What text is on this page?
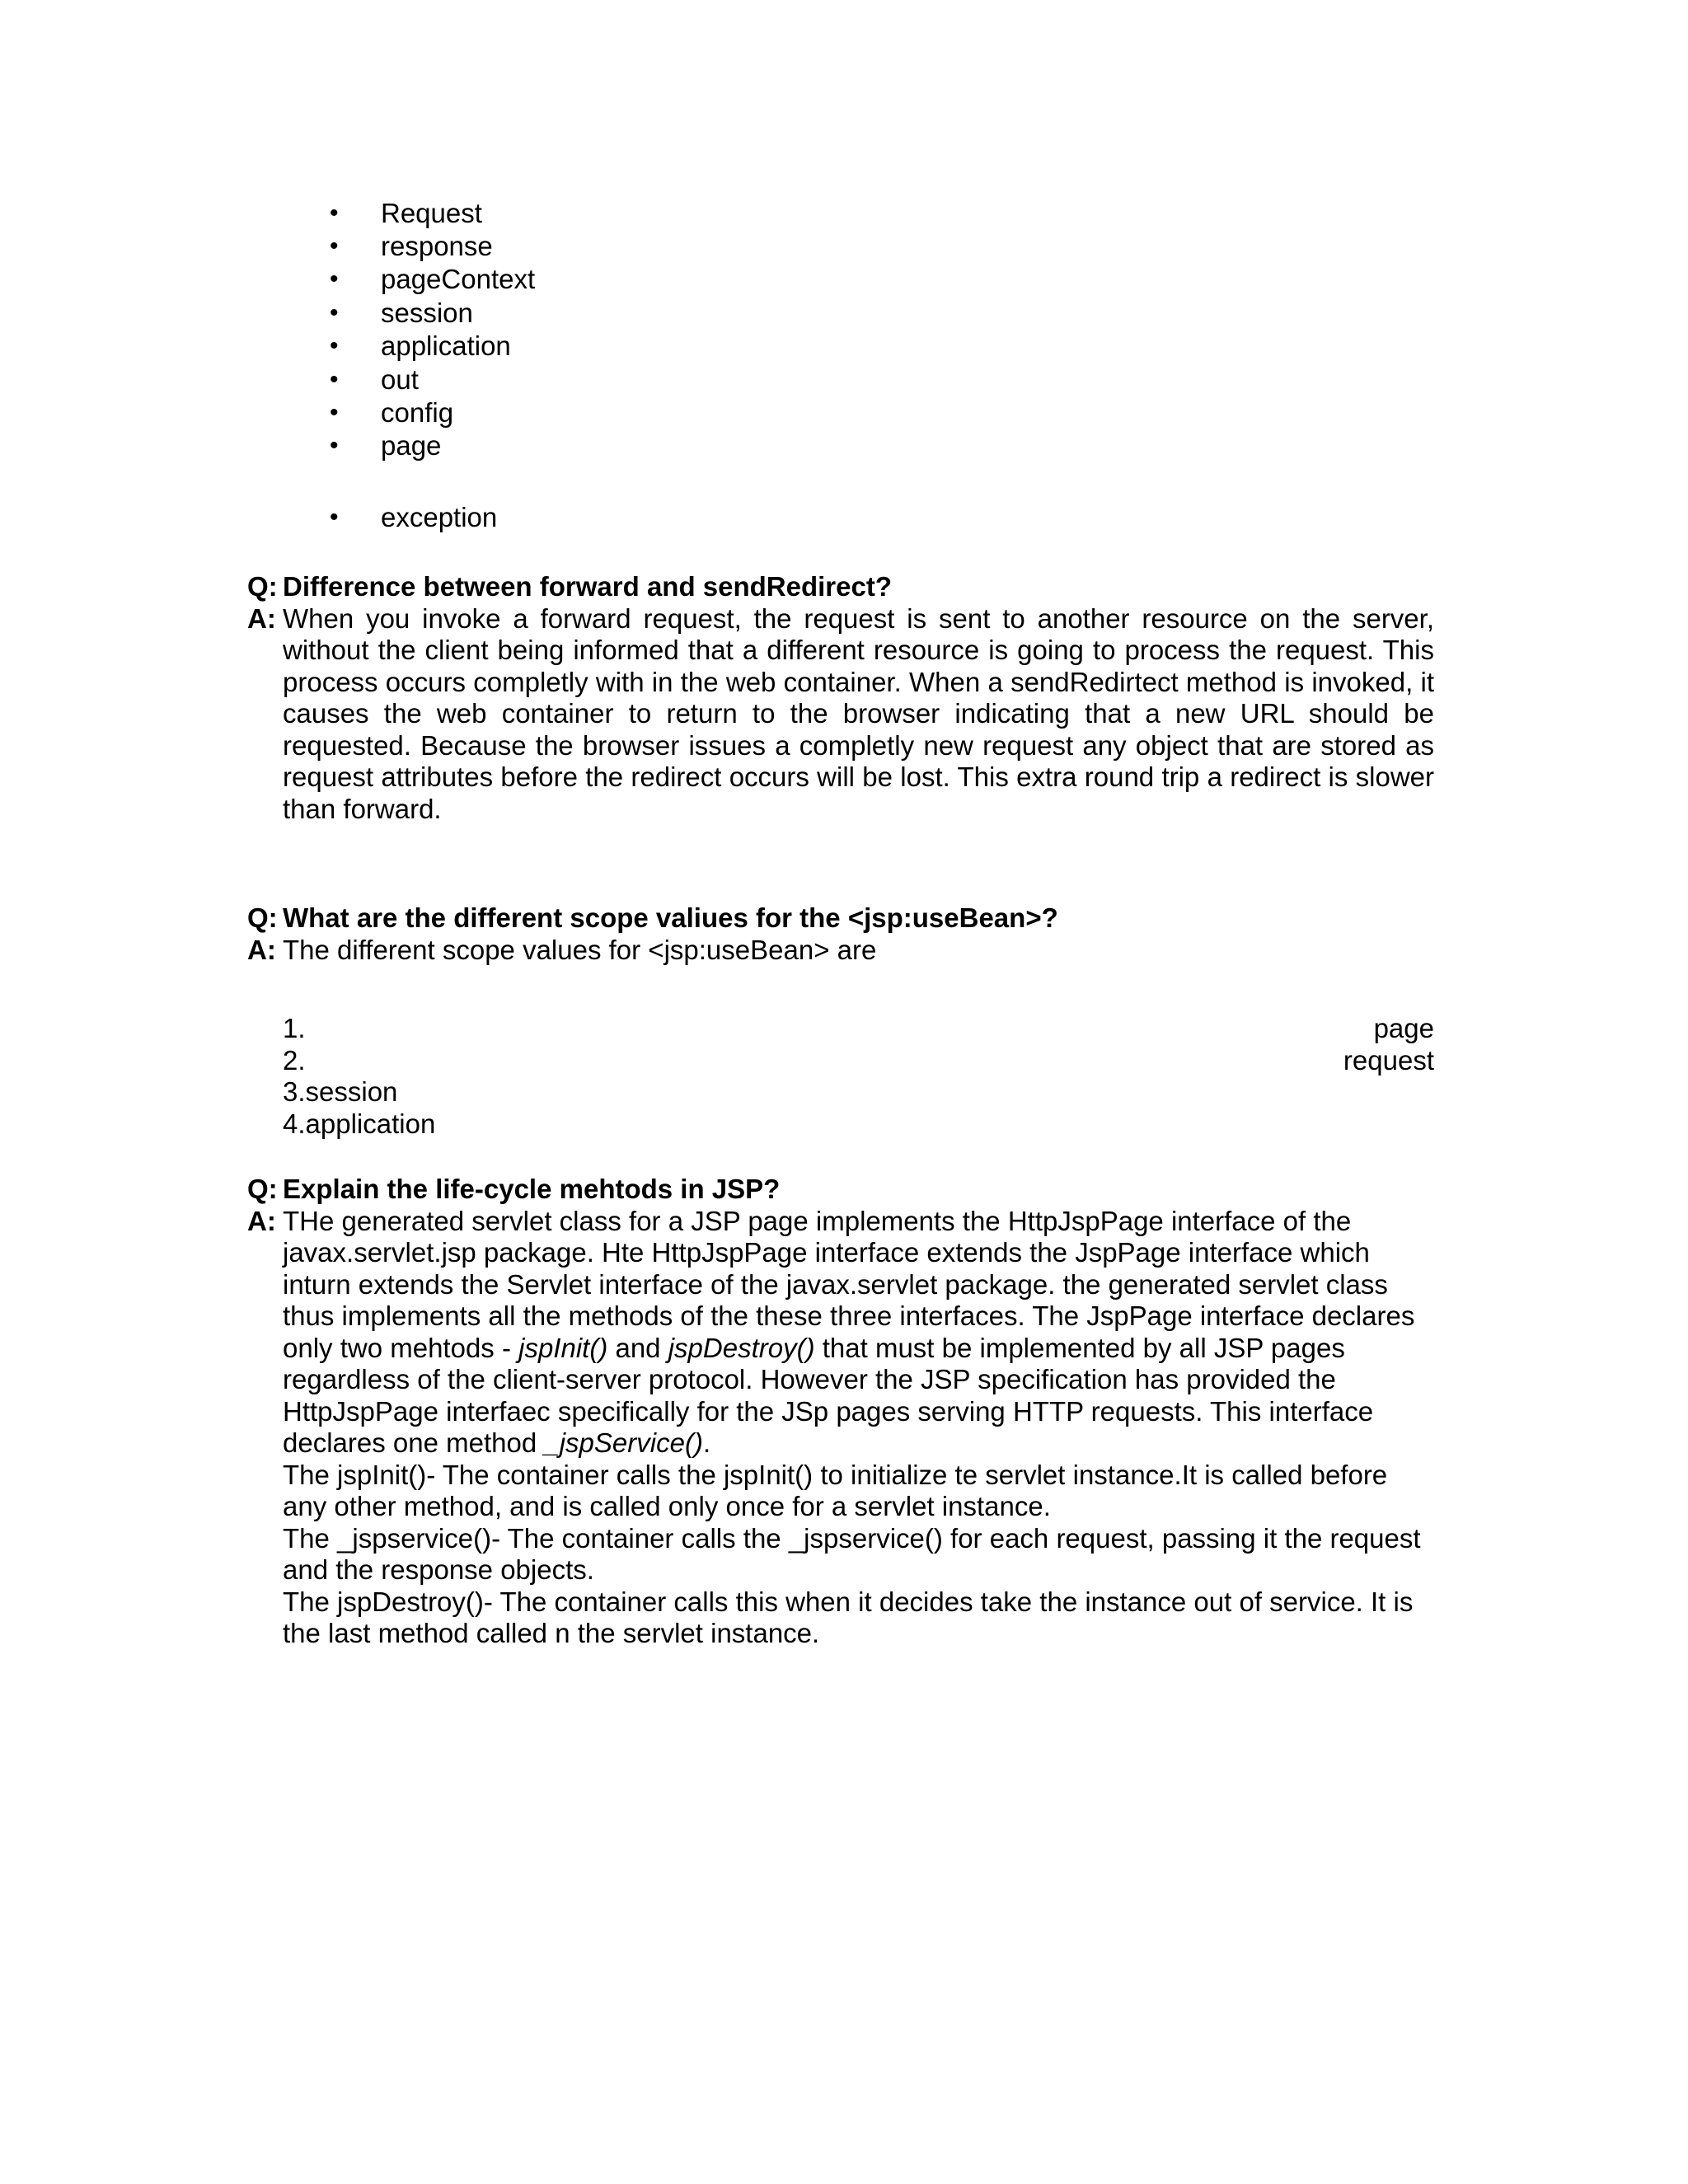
• Request
• response
• pageContext
• session
• application
• out
• config
• page
• exception
Q: Difference between forward and sendRedirect?
A: When you invoke a forward request, the request is sent to another resource on the server, without the client being informed that a different resource is going to process the request. This process occurs completly with in the web container. When a sendRedirtect method is invoked, it causes the web container to return to the browser indicating that a new URL should be requested. Because the browser issues a completly new request any object that are stored as request attributes before the redirect occurs will be lost. This extra round trip a redirect is slower than forward.
Q: What are the different scope valiues for the <jsp:useBean>?
A: The different scope values for <jsp:useBean> are
1.	page
2.	request
3.session
4.application
Q: Explain the life-cycle mehtods in JSP?
A: THe generated servlet class for a JSP page implements the HttpJspPage interface of the javax.servlet.jsp package. Hte HttpJspPage interface extends the JspPage interface which inturn extends the Servlet interface of the javax.servlet package. the generated servlet class thus implements all the methods of the these three interfaces. The JspPage interface declares only two mehtods - jspInit() and jspDestroy() that must be implemented by all JSP pages regardless of the client-server protocol. However the JSP specification has provided the HttpJspPage interfaec specifically for the JSp pages serving HTTP requests. This interface declares one method _jspService().

The jspInit()- The container calls the jspInit() to initialize te servlet instance.It is called before any other method, and is called only once for a servlet instance.

The _jspservice()- The container calls the _jspservice() for each request, passing it the request and the response objects.

The jspDestroy()- The container calls this when it decides take the instance out of service. It is the last method called n the servlet instance.
